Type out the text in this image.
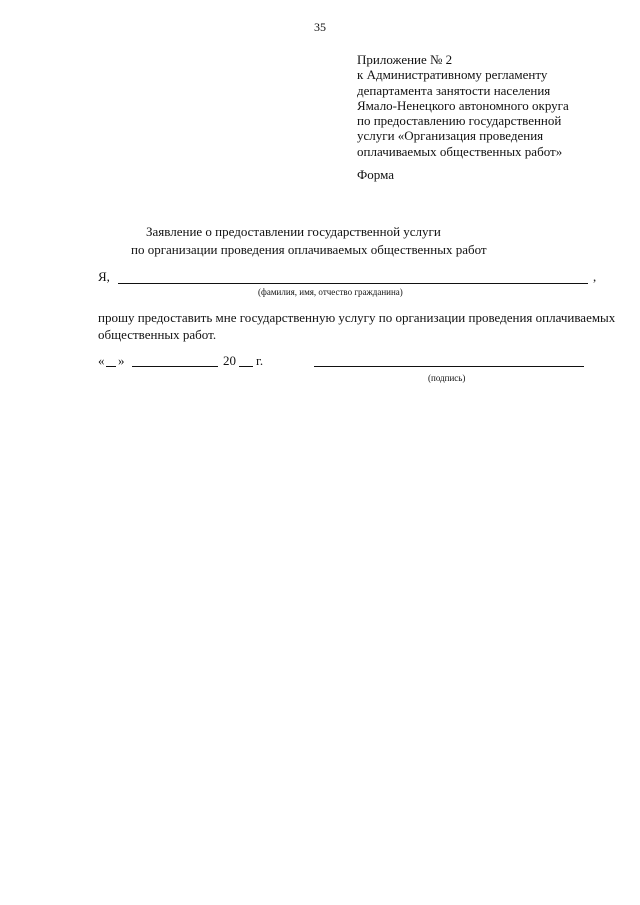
35
Приложение № 2
к Административному регламенту
департамента занятости населения
Ямало-Ненецкого автономного округа
по предоставлению государственной
услуги «Организация проведения
оплачиваемых общественных работ»
Форма
Заявление о предоставлении государственной услуги
по организации проведения оплачиваемых общественных работ
Я,	,
(фамилия, имя, отчество гражданина)
прошу предоставить мне государственную услугу по организации проведения оплачиваемых общественных работ.
« »	20 г.
(подпись)
